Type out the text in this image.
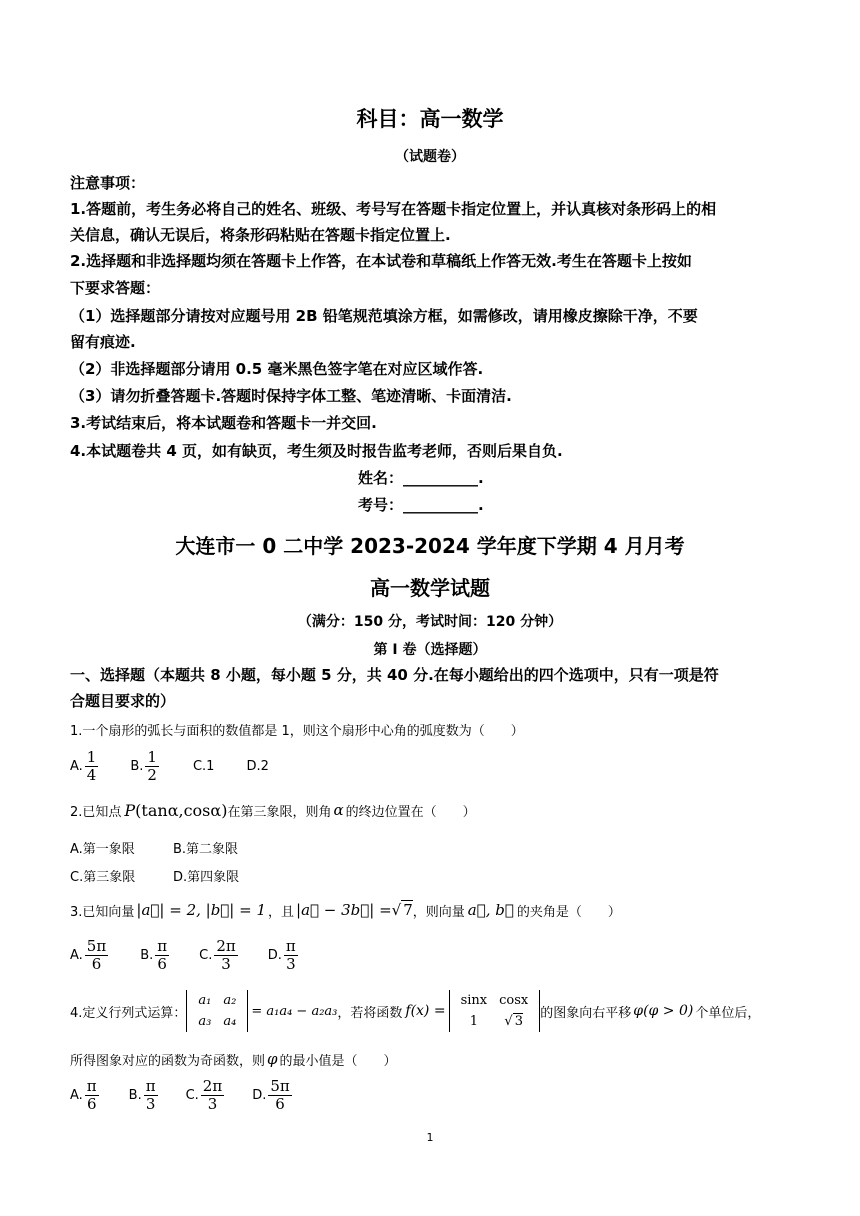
科目：高一数学
（试题卷）
注意事项：
1.答题前，考生务必将自己的姓名、班级、考号写在答题卡指定位置上，并认真核对条形码上的相
关信息，确认无误后，将条形码粘贴在答题卡指定位置上.
2.选择题和非选择题均须在答题卡上作答，在本试卷和草稿纸上作答无效.考生在答题卡上按如
下要求答题：
（1）选择题部分请按对应题号用 2B 铅笔规范填涂方框，如需修改，请用橡皮擦除干净，不要
留有痕迹.
（2）非选择题部分请用 0.5 毫米黑色签字笔在对应区域作答.
（3）请勿折叠答题卡.答题时保持字体工整、笔迹清晰、卡面清洁.
3.考试结束后，将本试题卷和答题卡一并交回.
4.本试题卷共 4 页，如有缺页，考生须及时报告监考老师，否则后果自负.
姓名：__________.
考号：__________.
大连市一 0 二中学 2023-2024 学年度下学期 4 月月考
高一数学试题
（满分：150 分，考试时间：120 分钟）
第 I 卷（选择题）
一、选择题（本题共 8 小题，每小题 5 分，共 40 分.在每小题给出的四个选项中，只有一项是符
合题目要求的）
1.一个扇形的弧长与面积的数值都是 1，则这个扇形中心角的弧度数为（　　）
A. $\frac{1}{4} B$. $\frac{1}{2}$	C.1 D.2
2.已知点 P (tanα,cosα) 在第三象限，则角 α 的终边位置在（　　）
A.第一象限	B.第二象限
C.第三象限	D.第四象限
3.已知向量 |a⃗| = 2, |b⃗| = 1 ，且 |a⃗ − 3b⃗| = √ 7 ，则向量 a⃗, b⃗ 的夹角是（　　）
A. $\frac{5\pi}{6} B$. $\frac{\pi}{6} C$. $\frac{2\pi}{3} D$. $\frac{\pi}{3}$
4.定义行列式运算：
a₁	a₂
a₃	a₄
= a₁a₄ − a₂a₃ ，若将函数 f(x) =
sinx	cosx
1	√ 3
的图象向右平移 φ(φ > 0) 个单位后，
所得图象对应的函数为奇函数，则 φ 的最小值是（　　）
A. $\frac{\pi}{6} B$. $\frac{\pi}{3} C$. $\frac{2\pi}{3} D$. $\frac{5\pi}{6}$
1
